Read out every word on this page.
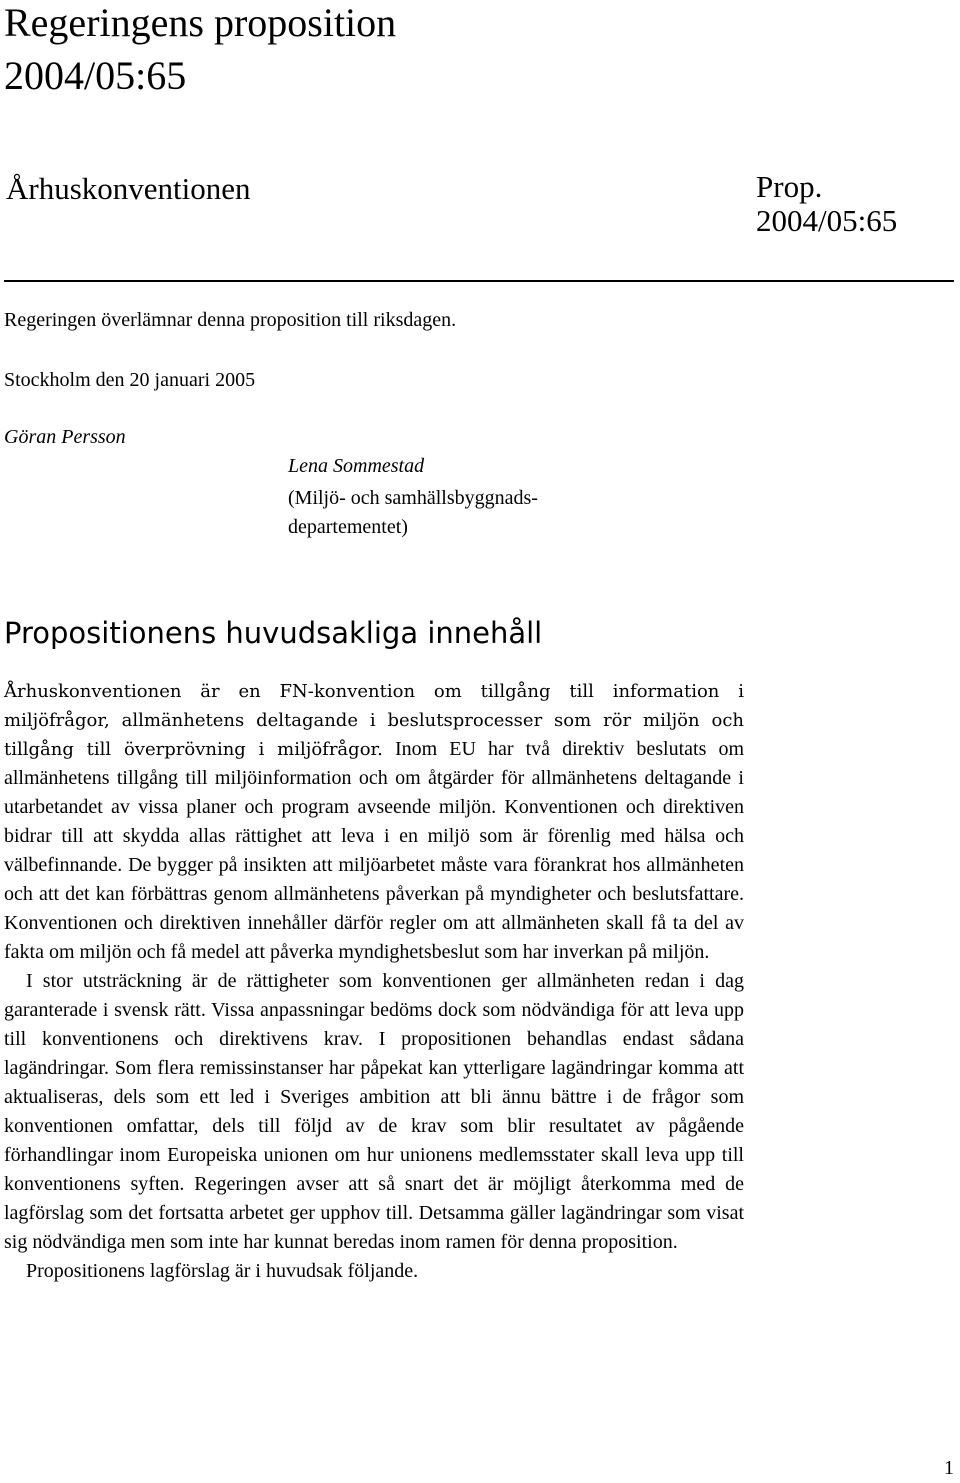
Regeringens proposition
2004/05:65
Århuskonventionen	Prop.
2004/05:65
Regeringen överlämnar denna proposition till riksdagen.
Stockholm den 20 januari 2005
Göran Persson
Lena Sommestad
(Miljö- och samhällsbyggnads-
departementet)
Propositionens huvudsakliga innehåll

Århuskonventionen är en FN-konvention om tillgång till information i miljöfrågor, allmänhetens deltagande i beslutsprocesser som rör miljön och tillgång till överprövning i miljöfrågor. Inom EU har två direktiv beslutats om allmänhetens tillgång till miljöinformation och om åtgärder för allmänhetens deltagande i utarbetandet av vissa planer och program avseende miljön. Konventionen och direktiven bidrar till att skydda allas rättighet att leva i en miljö som är förenlig med hälsa och välbefinnande. De bygger på insikten att miljöarbetet måste vara förankrat hos allmänheten och att det kan förbättras genom allmänhetens påverkan på myndigheter och beslutsfattare. Konventionen och direktiven innehåller därför regler om att allmänheten skall få ta del av fakta om miljön och få medel att påverka myndighetsbeslut som har inverkan på miljön.

I stor utsträckning är de rättigheter som konventionen ger allmänheten redan i dag garanterade i svensk rätt. Vissa anpassningar bedöms dock som nödvändiga för att leva upp till konventionens och direktivens krav. I propositionen behandlas endast sådana lagändringar. Som flera remissinstanser har påpekat kan ytterligare lagändringar komma att aktualiseras, dels som ett led i Sveriges ambition att bli ännu bättre i de frågor som konventionen omfattar, dels till följd av de krav som blir resultatet av pågående förhandlingar inom Europeiska unionen om hur unionens medlemsstater skall leva upp till konventionens syften. Regeringen avser att så snart det är möjligt återkomma med de lagförslag som det fortsatta arbetet ger upphov till. Detsamma gäller lagändringar som visat sig nödvändiga men som inte har kunnat beredas inom ramen för denna proposition.

Propositionens lagförslag är i huvudsak följande.

1
